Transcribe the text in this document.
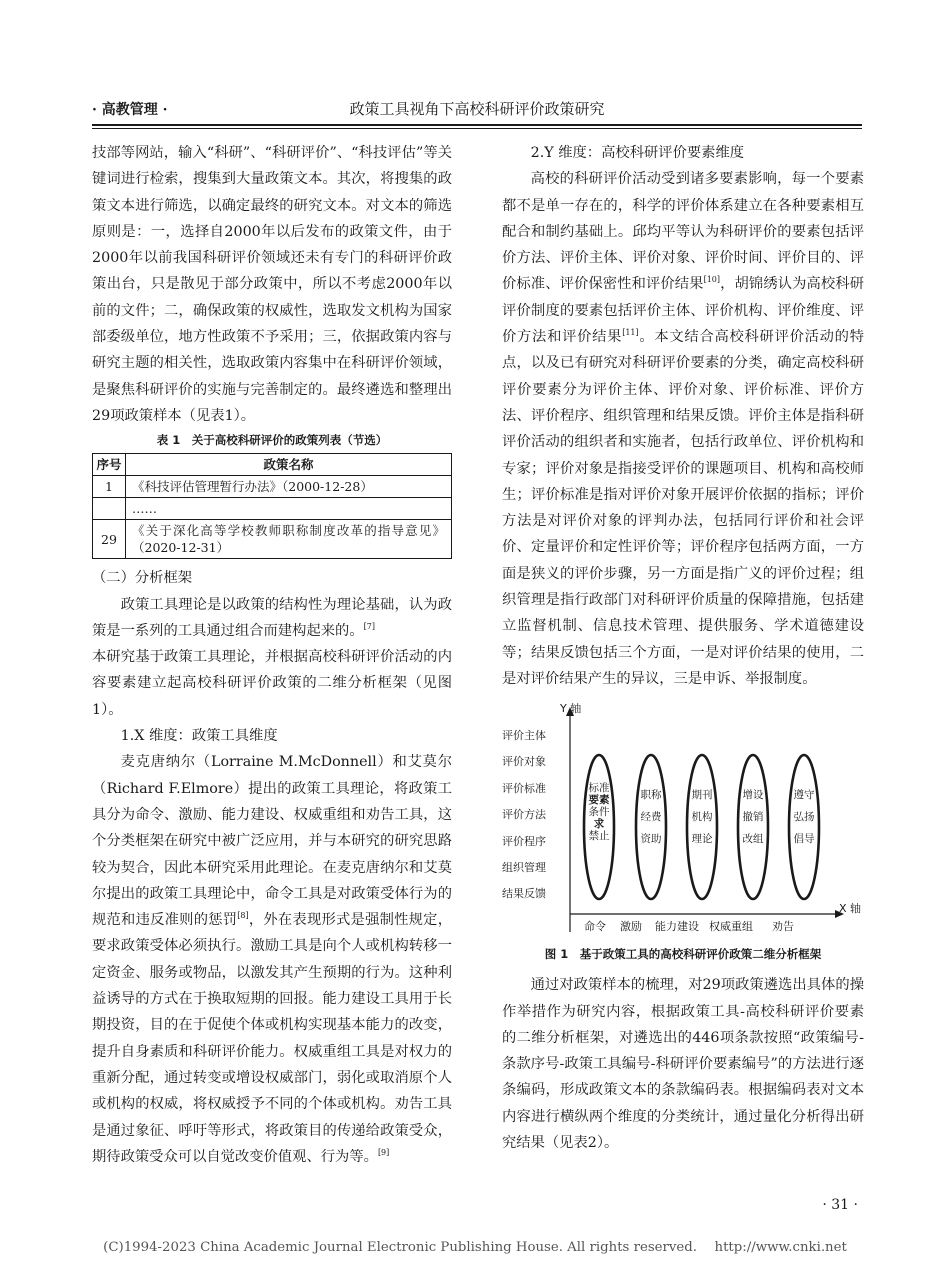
· 高教管理 ·	政策工具视角下高校科研评价政策研究

技部等网站，输入“科研”、“科研评价”、“科技评估”等关键词进行检索，搜集到大量政策文本。其次，将搜集的政策文本进行筛选，以确定最终的研究文本。对文本的筛选原则是：一，选择自2000年以后发布的政策文件，由于2000年以前我国科研评价领域还未有专门的科研评价政策出台，只是散见于部分政策中，所以不考虑2000年以前的文件；二，确保政策的权威性，选取发文机构为国家部委级单位，地方性政策不予采用；三，依据政策内容与研究主题的相关性，选取政策内容集中在科研评价领域，是聚焦科研评价的实施与完善制定的。最终遴选和整理出29项政策样本（见表1）。

表 1　关于高校科研评价的政策列表（节选）
序号	政策名称
1	《科技评估管理暂行办法》（2000-12-28）
	……
29	《关于深化高等学校教师职称制度改革的指导意见》（2020-12-31）

（二）分析框架

政策工具理论是以政策的结构性为理论基础，认为政策是一系列的工具通过组合而建构起来的。[7]

本研究基于政策工具理论，并根据高校科研评价活动的内容要素建立起高校科研评价政策的二维分析框架（见图1）。

1.X 维度：政策工具维度

麦克唐纳尔（Lorraine M.McDonnell）和艾莫尔（Richard F.Elmore）提出的政策工具理论，将政策工具分为命令、激励、能力建设、权威重组和劝告工具，这个分类框架在研究中被广泛应用，并与本研究的研究思路较为契合，因此本研究采用此理论。在麦克唐纳尔和艾莫尔提出的政策工具理论中，命令工具是对政策受体行为的规范和违反准则的惩罚[8]，外在表现形式是强制性规定，要求政策受体必须执行。激励工具是向个人或机构转移一定资金、服务或物品，以激发其产生预期的行为。这种利益诱导的方式在于换取短期的回报。能力建设工具用于长期投资，目的在于促使个体或机构实现基本能力的改变，提升自身素质和科研评价能力。权威重组工具是对权力的重新分配，通过转变或增设权威部门，弱化或取消原个人或机构的权威，将权威授予不同的个体或机构。劝告工具是通过象征、呼吁等形式，将政策目的传递给政策受众，期待政策受众可以自觉改变价值观、行为等。[9]

2.Y 维度：高校科研评价要素维度

高校的科研评价活动受到诸多要素影响，每一个要素都不是单一存在的，科学的评价体系建立在各种要素相互配合和制约基础上。邱均平等认为科研评价的要素包括评价方法、评价主体、评价对象、评价时间、评价目的、评价标准、评价保密性和评价结果[10]，胡锦绣认为高校科研评价制度的要素包括评价主体、评价机构、评价维度、评价方法和评价结果[11]。本文结合高校科研评价活动的特点，以及已有研究对科研评价要素的分类，确定高校科研评价要素分为评价主体、评价对象、评价标准、评价方法、评价程序、组织管理和结果反馈。评价主体是指科研评价活动的组织者和实施者，包括行政单位、评价机构和专家；评价对象是指接受评价的课题项目、机构和高校师生；评价标准是指对评价对象开展评价依据的指标；评价方法是对评价对象的评判办法，包括同行评价和社会评价、定量评价和定性评价等；评价程序包括两方面，一方面是狭义的评价步骤，另一方面是指广义的评价过程；组织管理是指行政部门对科研评价质量的保障措施，包括建立监督机制、信息技术管理、提供服务、学术道德建设等；结果反馈包括三个方面，一是对评价结果的使用，二是对评价结果产生的异议，三是申诉、举报制度。

Y 轴
X 轴
评价主体
评价对象
评价标准
评价方法
评价程序
组织管理
结果反馈
命令 激励 能力建设 权威重组 劝告
标准
要素
条件
求
禁止
职称
经费
资助
期刊
机构
理论
增设
撤销
改组
遵守
弘扬
倡导
图 1　基于政策工具的高校科研评价政策二维分析框架

通过对政策样本的梳理，对29项政策遴选出具体的操作举措作为研究内容，根据政策工具-高校科研评价要素的二维分析框架，对遴选出的446项条款按照“政策编号-条款序号-政策工具编号-科研评价要素编号”的方法进行逐条编码，形成政策文本的条款编码表。根据编码表对文本内容进行横纵两个维度的分类统计，通过量化分析得出研究结果（见表2）。

· 31 ·
(C)1994-2023 China Academic Journal Electronic Publishing House. All rights reserved.　 http://www.cnki.net
